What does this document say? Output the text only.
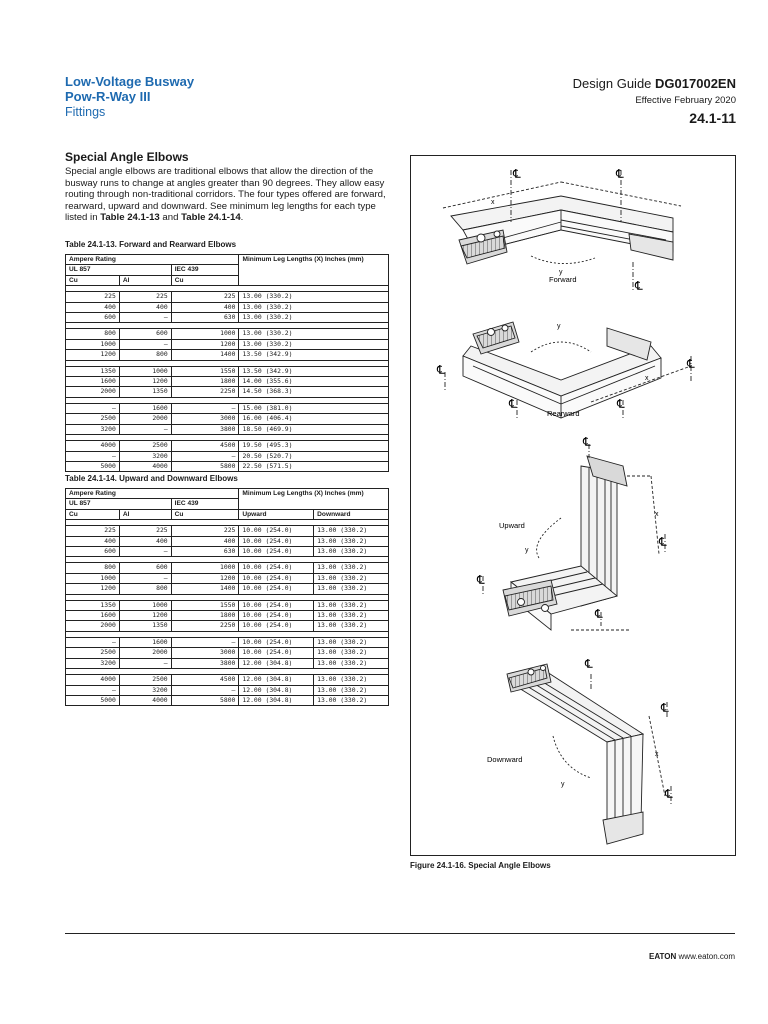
Low-Voltage Busway
Pow-R-Way III
Fittings
Design Guide DG017002EN
Effective February 2020
24.1-11
Special Angle Elbows
Special angle elbows are traditional elbows that allow the direction of the busway runs to change at angles greater than 90 degrees. They allow easy routing through non-traditional corridors. The four types offered are forward, rearward, upward and downward. See minimum leg lengths for each type listed in Table 24.1-13 and Table 24.1-14.
Table 24.1-13. Forward and Rearward Elbows
Ampere Rating			Minimum Leg Lengths (X) Inches (mm)
UL 857		IEC 439	
Cu	Al	Cu	

225	225	225	13.00 (330.2)
400	400	400	13.00 (330.2)
600	—	630	13.00 (330.2)

800	600	1000	13.00 (330.2)
1000	—	1200	13.00 (330.2)
1200	800	1400	13.50 (342.9)

1350	1000	1550	13.50 (342.9)
1600	1200	1800	14.00 (355.6)
2000	1350	2250	14.50 (368.3)

—	1600	—	15.00 (381.0)
2500	2000	3000	16.00 (406.4)
3200	—	3800	18.50 (469.9)

4000	2500	4500	19.50 (495.3)
—	3200	—	20.50 (520.7)
5000	4000	5800	22.50 (571.5)
Table 24.1-14. Upward and Downward Elbows
Ampere Rating			Minimum Leg Lengths (X) Inches (mm)	
UL 857		IEC 439		
Cu	Al	Cu	Upward	Downward

225	225	225	10.00 (254.0)	13.00 (330.2)
400	400	400	10.00 (254.0)	13.00 (330.2)
600	—	630	10.00 (254.0)	13.00 (330.2)

800	600	1000	10.00 (254.0)	13.00 (330.2)
1000	—	1200	10.00 (254.0)	13.00 (330.2)
1200	800	1400	10.00 (254.0)	13.00 (330.2)

1350	1000	1550	10.00 (254.0)	13.00 (330.2)
1600	1200	1800	10.00 (254.0)	13.00 (330.2)
2000	1350	2250	10.00 (254.0)	13.00 (330.2)

—	1600	—	10.00 (254.0)	13.00 (330.2)
2500	2000	3000	10.00 (254.0)	13.00 (330.2)
3200	—	3800	12.00 (304.8)	13.00 (330.2)

4000	2500	4500	12.00 (304.8)	13.00 (330.2)
—	3200	—	12.00 (304.8)	13.00 (330.2)
5000	4000	5800	12.00 (304.8)	13.00 (330.2)
℄	℄
℄
x
y
Forward
℄	℄
℄	℄
y
x
Rearward
℄
℄
℄
℄
x
y
Upward
℄
℄
℄
x
y
Downward
Figure 24.1-16. Special Angle Elbows
EATON www.eaton.com
